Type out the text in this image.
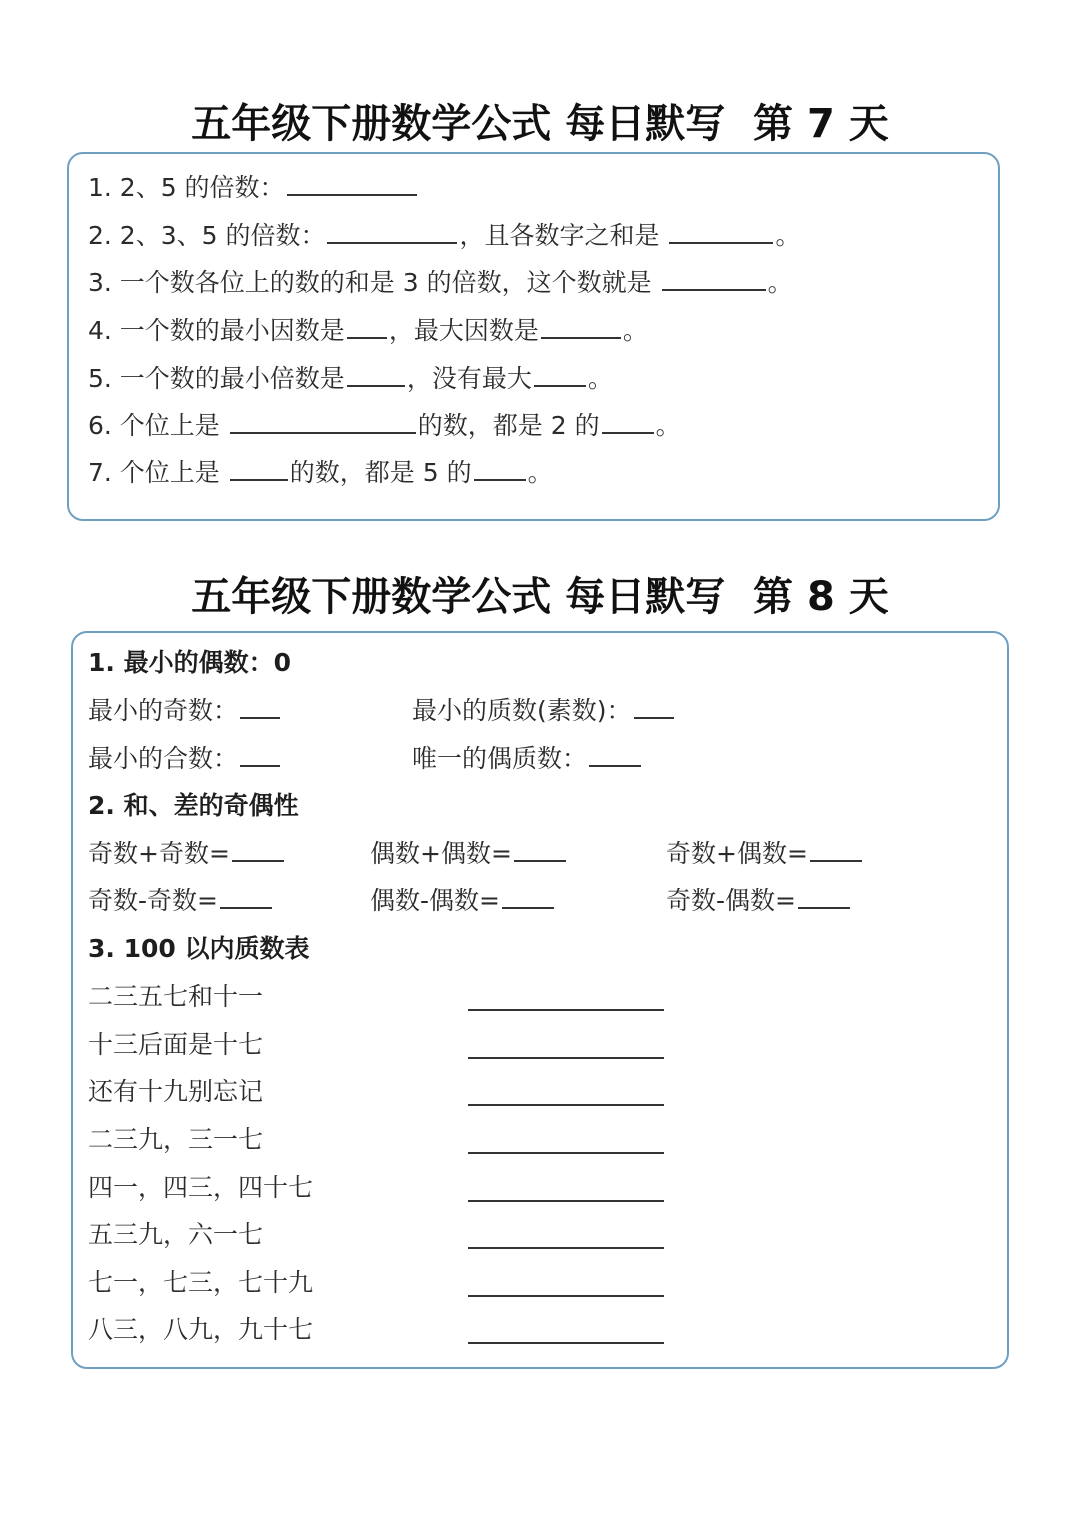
五年级下册数学公式 每日默写  第 7 天
1. 2、5 的倍数：
2. 2、3、5 的倍数：	，且各数字之和是	。
3. 一个数各位上的数的和是 3 的倍数，这个数就是	。
4. 一个数的最小因数是 ，最大因数是	。
5. 一个数的最小倍数是 ，没有最大 。
6. 个位上是	的数，都是 2 的 。
7. 个位上是	的数，都是 5 的 。
五年级下册数学公式 每日默写  第 8 天
1. 最小的偶数：0
最小的奇数：	最小的质数(素数)：
最小的合数：	唯一的偶质数：
2. 和、差的奇偶性
奇数+奇数=	偶数+偶数=	奇数+偶数=
奇数-奇数=	偶数-偶数=	奇数-偶数=
3. 100 以内质数表
二三五七和十一
十三后面是十七
还有十九别忘记
二三九，三一七
四一，四三，四十七
五三九，六一七
七一，七三，七十九
八三，八九，九十七
